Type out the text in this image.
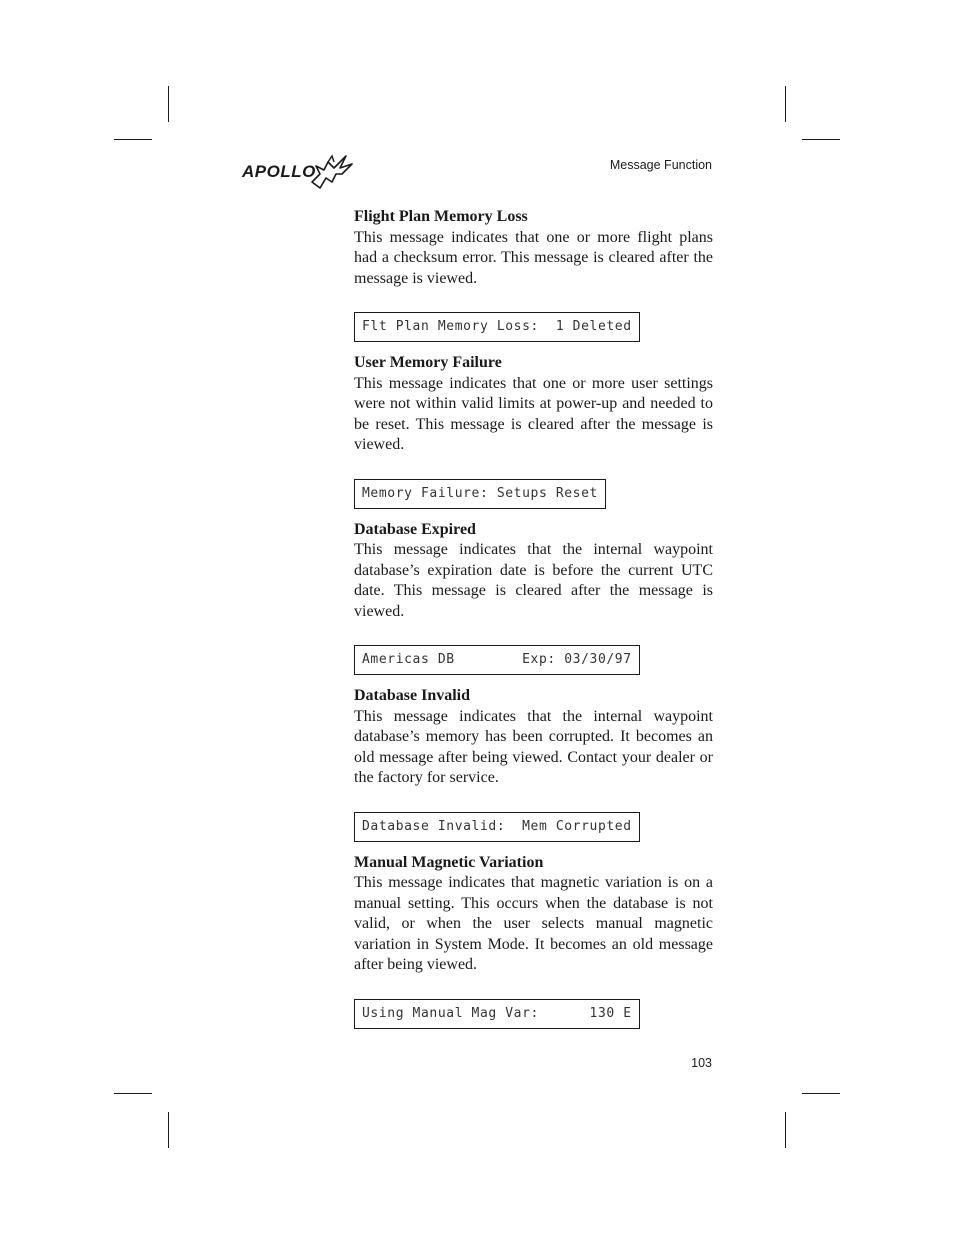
APOLLO	Message Function
Flight Plan Memory Loss

This message indicates that one or more flight plans had a checksum error. This message is cleared after the message is viewed.

Flt Plan Memory Loss:  1 Deleted
User Memory Failure

This message indicates that one or more user settings were not within valid limits at power-up and needed to be reset. This message is cleared after the message is viewed.

Memory Failure: Setups Reset
Database Expired

This message indicates that the internal waypoint database’s expiration date is before the current UTC date. This message is cleared after the message is viewed.

Americas DB        Exp: 03/30/97
Database Invalid

This message indicates that the internal waypoint database’s memory has been corrupted. It becomes an old message after being viewed. Contact your dealer or the factory for service.

Database Invalid:  Mem Corrupted
Manual Magnetic Variation

This message indicates that magnetic variation is on a manual setting. This occurs when the database is not valid, or when the user selects manual magnetic variation in System Mode. It becomes an old message after being viewed.

Using Manual Mag Var:      130 E
103
